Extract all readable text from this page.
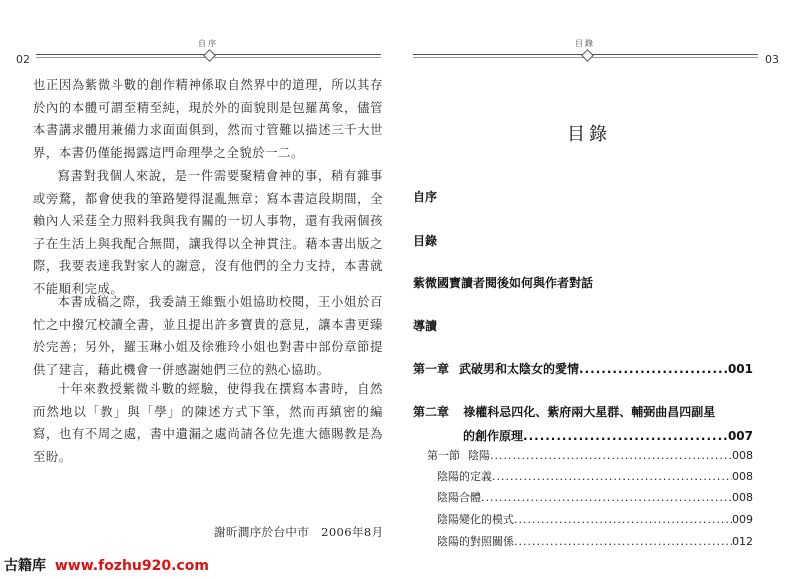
02
自序

也正因為紫微斗數的創作精神係取自然界中的道理，所以其存於內的本體可謂至精至純，現於外的面貌則是包羅萬象，儘管本書講求體用兼備力求面面俱到，然而寸管難以描述三千大世界，本書仍僅能揭露這門命理學之全貌於一二。

寫書對我個人來說，是一件需要聚精會神的事，稍有雜事或旁騖，都會使我的筆路變得混亂無章；寫本書這段期間，全賴內人采莛全力照料我與我有關的一切人事物，還有我兩個孩子在生活上與我配合無間，讓我得以全神貫注。藉本書出版之際，我要表達我對家人的謝意，沒有他們的全力支持，本書就不能順利完成。

本書成稿之際，我委請王維甄小姐協助校閱，王小姐於百忙之中撥冗校讀全書，並且提出許多寶貴的意見，讓本書更臻於完善；另外，羅玉琳小姐及徐雅玲小姐也對書中部份章節提供了建言，藉此機會一併感謝她們三位的熱心協助。

十年來教授紫微斗數的經驗，使得我在撰寫本書時，自然而然地以「教」與「學」的陳述方式下筆，然而再縝密的編寫，也有不周之處，書中遺漏之處尚請各位先進大德賜教是為至盼。

謝昕澗序於台中市　2006年8月
目錄
03
目錄
自序
目錄
紫微國寶讀者閱後如何與作者對話
導讀
第一章 武破男和太陰女的愛情 .....	001
第二章 祿權科忌四化、紫府兩大星群、輔弼曲昌四副星
的創作原理 .....	007
第一節 陰陽 .....	008
陰陽的定義 .....	008
陰陽合體 .....	008
陰陽變化的模式 .....	009
陰陽的對照關係 .....	012
古籍库 www.fozhu920.com
